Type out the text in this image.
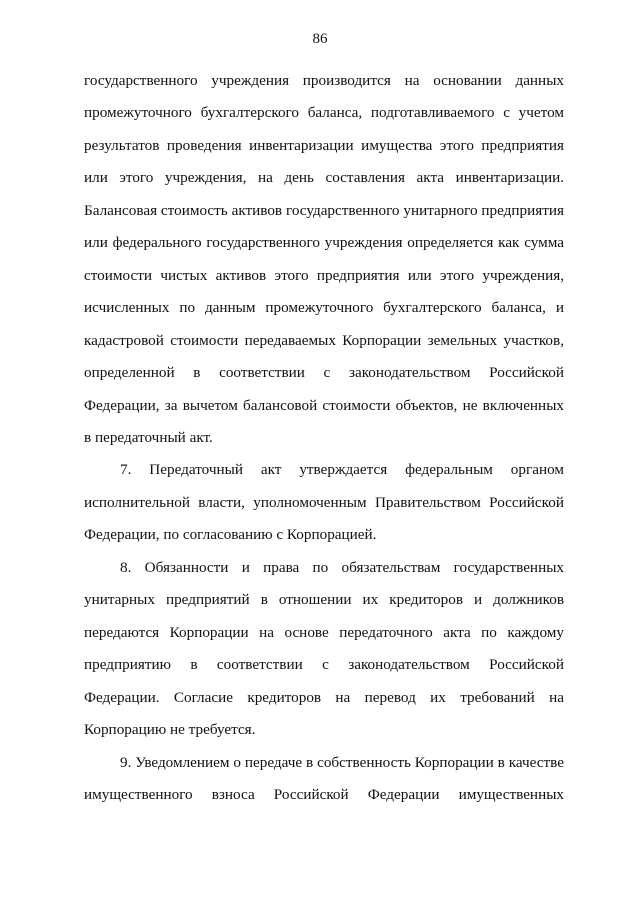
86

государственного учреждения производится на основании данных промежуточного бухгалтерского баланса, подготавливаемого с учетом результатов проведения инвентаризации имущества этого предприятия или этого учреждения, на день составления акта инвентаризации. Балансовая стоимость активов государственного унитарного предприятия или федерального государственного учреждения определяется как сумма стоимости чистых активов этого предприятия или этого учреждения, исчисленных по данным промежуточного бухгалтерского баланса, и кадастровой стоимости передаваемых Корпорации земельных участков, определенной в соответствии с законодательством Российской Федерации, за вычетом балансовой стоимости объектов, не включенных в передаточный акт.

7. Передаточный акт утверждается федеральным органом исполнительной власти, уполномоченным Правительством Российской Федерации, по согласованию с Корпорацией.

8. Обязанности и права по обязательствам государственных унитарных предприятий в отношении их кредиторов и должников передаются Корпорации на основе передаточного акта по каждому предприятию в соответствии с законодательством Российской Федерации. Согласие кредиторов на перевод их требований на Корпорацию не требуется.

9. Уведомлением о передаче в собственность Корпорации в качестве имущественного взноса Российской Федерации имущественных
